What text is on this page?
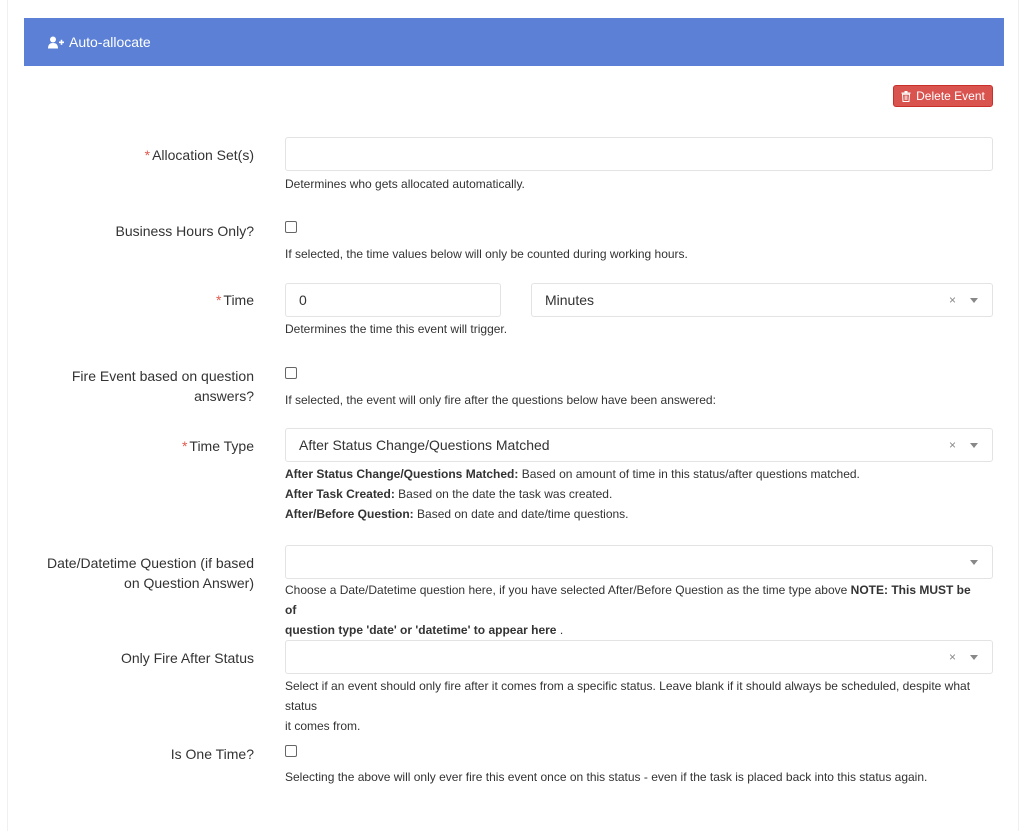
Auto-allocate
Delete Event
* Allocation Set(s)
Determines who gets allocated automatically.
Business Hours Only?
If selected, the time values below will only be counted during working hours.
* Time	0	Minutes	×
Determines the time this event will trigger.
Fire Event based on question
answers?	If selected, the event will only fire after the questions below have been answered:
* Time Type	After Status Change/Questions Matched	×
After Status Change/Questions Matched: Based on amount of time in this status/after questions matched.
After Task Created: Based on the date the task was created.
After/Before Question: Based on date and date/time questions.
Date/Datetime Question (if based
on Question Answer)	Choose a Date/Datetime question here, if you have selected After/Before Question as the time type above NOTE: This MUST be of
question type 'date' or 'datetime' to appear here .
Only Fire After Status	×
Select if an event should only fire after it comes from a specific status. Leave blank if it should always be scheduled, despite what status
it comes from.
Is One Time?
Selecting the above will only ever fire this event once on this status - even if the task is placed back into this status again.
